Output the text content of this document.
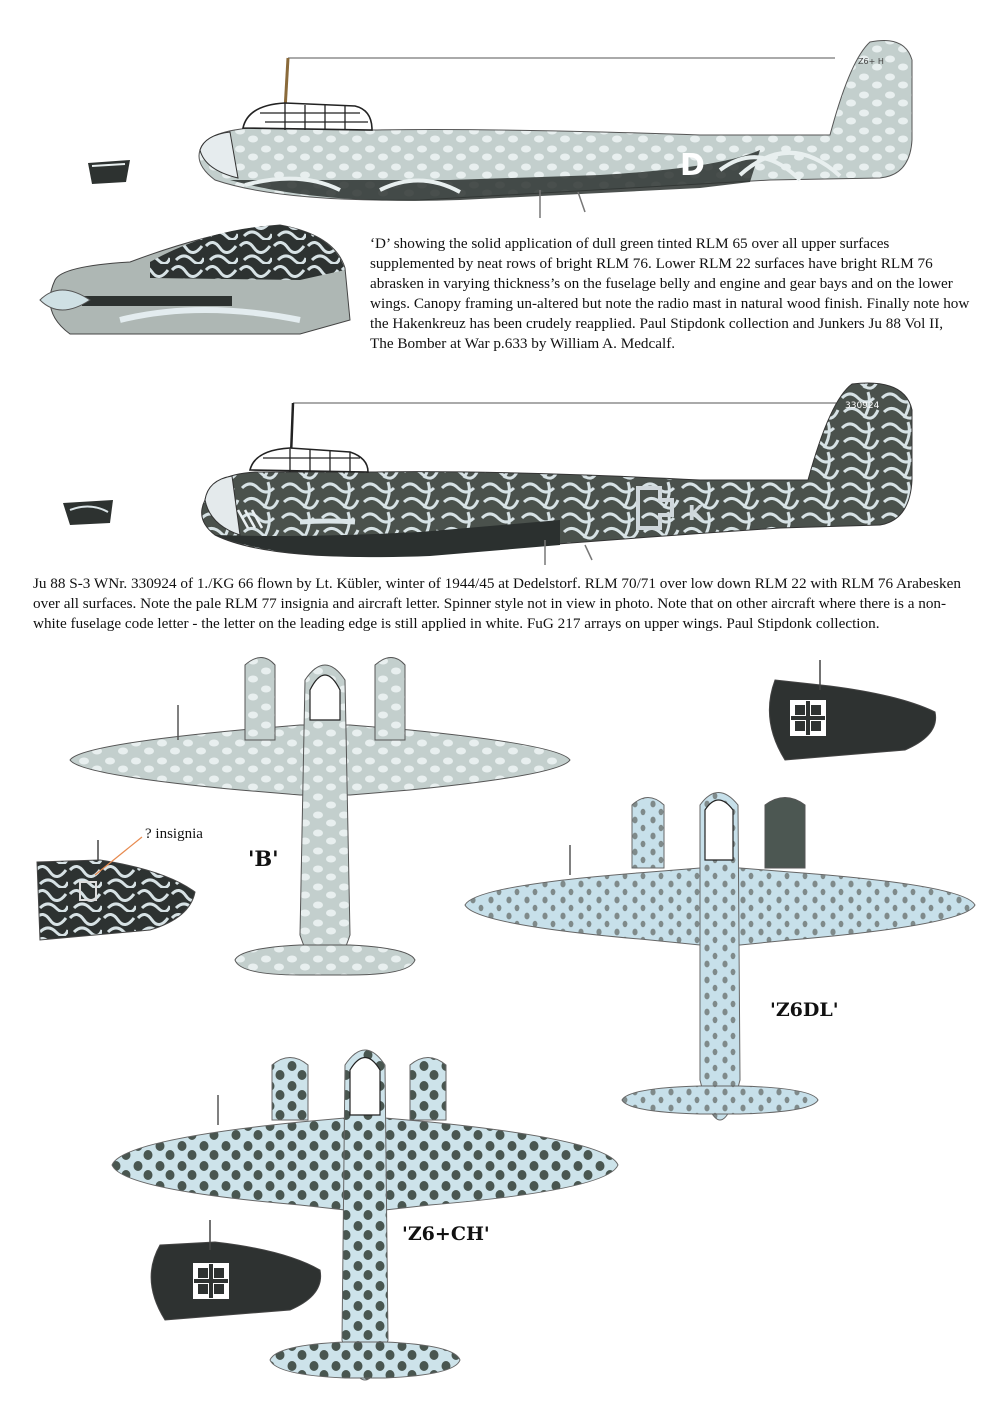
D
Z6+ H
K
330924

‘D’ showing the solid application of dull green tinted RLM 65 over all upper surfaces supplemented by neat rows of bright RLM 76. Lower RLM 22 surfaces have bright RLM 76 abrasken in varying thickness’s on the fuselage belly and engine and gear bays and on the lower wings. Canopy framing un-altered but note the radio mast in natural wood finish. Finally note how the Hakenkreuz has been crudely reapplied. Paul Stipdonk collection and Junkers Ju 88 Vol II, The Bomber at War p.633 by William A. Medcalf.

Ju 88 S-3 WNr. 330924 of 1./KG 66 flown by Lt. Kübler, winter of 1944/45 at Dedelstorf. RLM 70/71 over low down RLM 22 with RLM 76 Arabesken over all surfaces. Note the pale RLM 77 insignia and aircraft letter. Spinner style not in view in photo. Note that on other aircraft where there is a non-white fuselage code letter - the letter on the leading edge is still applied in white. FuG 217 arrays on upper wings. Paul Stipdonk collection.

? insignia
'B'
'Z6DL'
'Z6+CH'
